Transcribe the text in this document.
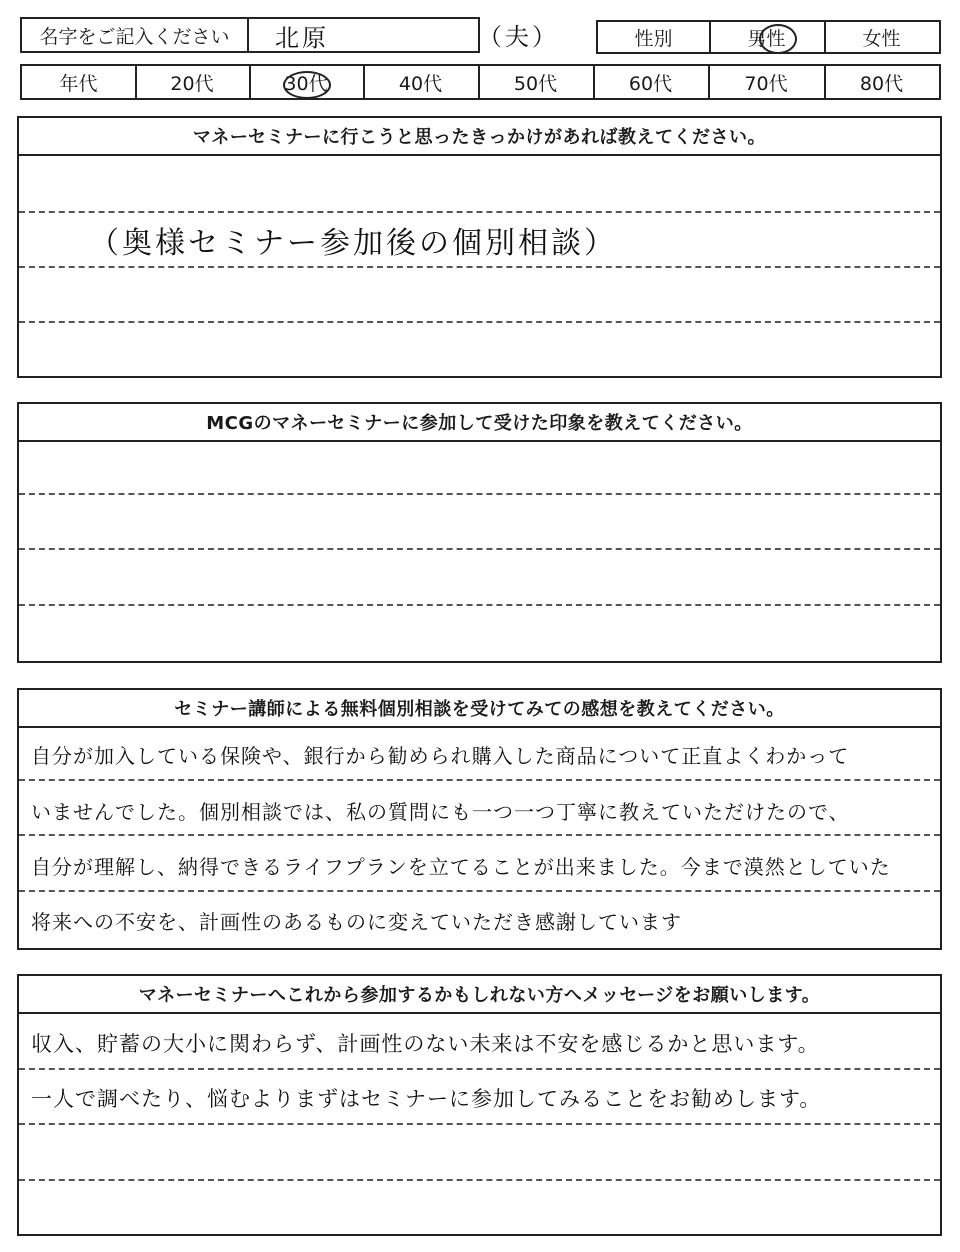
名字をご記入ください 北原	（夫）	性別	男性	女性
年代	20代	30代	40代	50代	60代	70代	80代
マネーセミナーに行こうと思ったきっかけがあれば教えてください。
（奥様セミナー参加後の個別相談）
MCGのマネーセミナーに参加して受けた印象を教えてください。
セミナー講師による無料個別相談を受けてみての感想を教えてください。
自分が加入している保険や、銀行から勧められ購入した商品について正直よくわかって
いませんでした。個別相談では、私の質問にも一つ一つ丁寧に教えていただけたので、
自分が理解し、納得できるライフプランを立てることが出来ました。今まで漠然としていた
将来への不安を、計画性のあるものに変えていただき感謝しています
マネーセミナーへこれから参加するかもしれない方へメッセージをお願いします。
収入、貯蓄の大小に関わらず、計画性のない未来は不安を感じるかと思います。
一人で調べたり、悩むよりまずはセミナーに参加してみることをお勧めします。
